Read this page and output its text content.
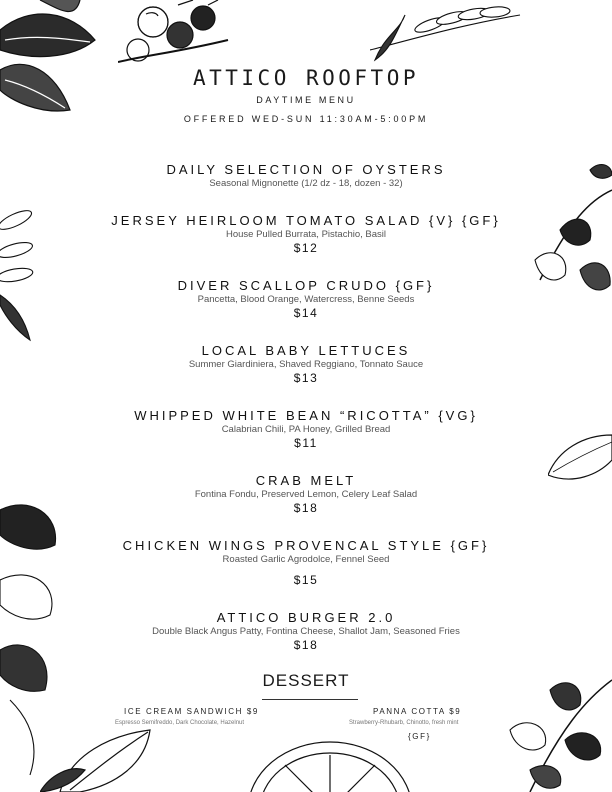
ATTICO ROOFTOP
DAYTIME MENU
OFFERED WED-SUN 11:30AM-5:00PM
DAILY SELECTION OF OYSTERS
Seasonal Mignonette (1/2 dz - 18, dozen - 32)
JERSEY HEIRLOOM TOMATO SALAD {V} {GF}
House Pulled Burrata, Pistachio, Basil
$12
DIVER SCALLOP CRUDO {GF}
Pancetta, Blood Orange, Watercress, Benne Seeds
$14
LOCAL BABY LETTUCES
Summer Giardiniera, Shaved Reggiano, Tonnato Sauce
$13
WHIPPED WHITE BEAN “RICOTTA” {VG}
Calabrian Chili, PA Honey, Grilled Bread
$11
CRAB MELT
Fontina Fondu, Preserved Lemon, Celery Leaf Salad
$18
CHICKEN WINGS PROVENCAL STYLE {GF}
Roasted Garlic Agrodolce, Fennel Seed
$15
ATTICO BURGER 2.0
Double Black Angus Patty, Fontina Cheese, Shallot Jam, Seasoned Fries
$18
DESSERT
ICE CREAM SANDWICH $9
Espresso Semifreddo, Dark Chocolate, Hazelnut
PANNA COTTA $9
Strawberry-Rhubarb, Chinotto, fresh mint
{GF}
